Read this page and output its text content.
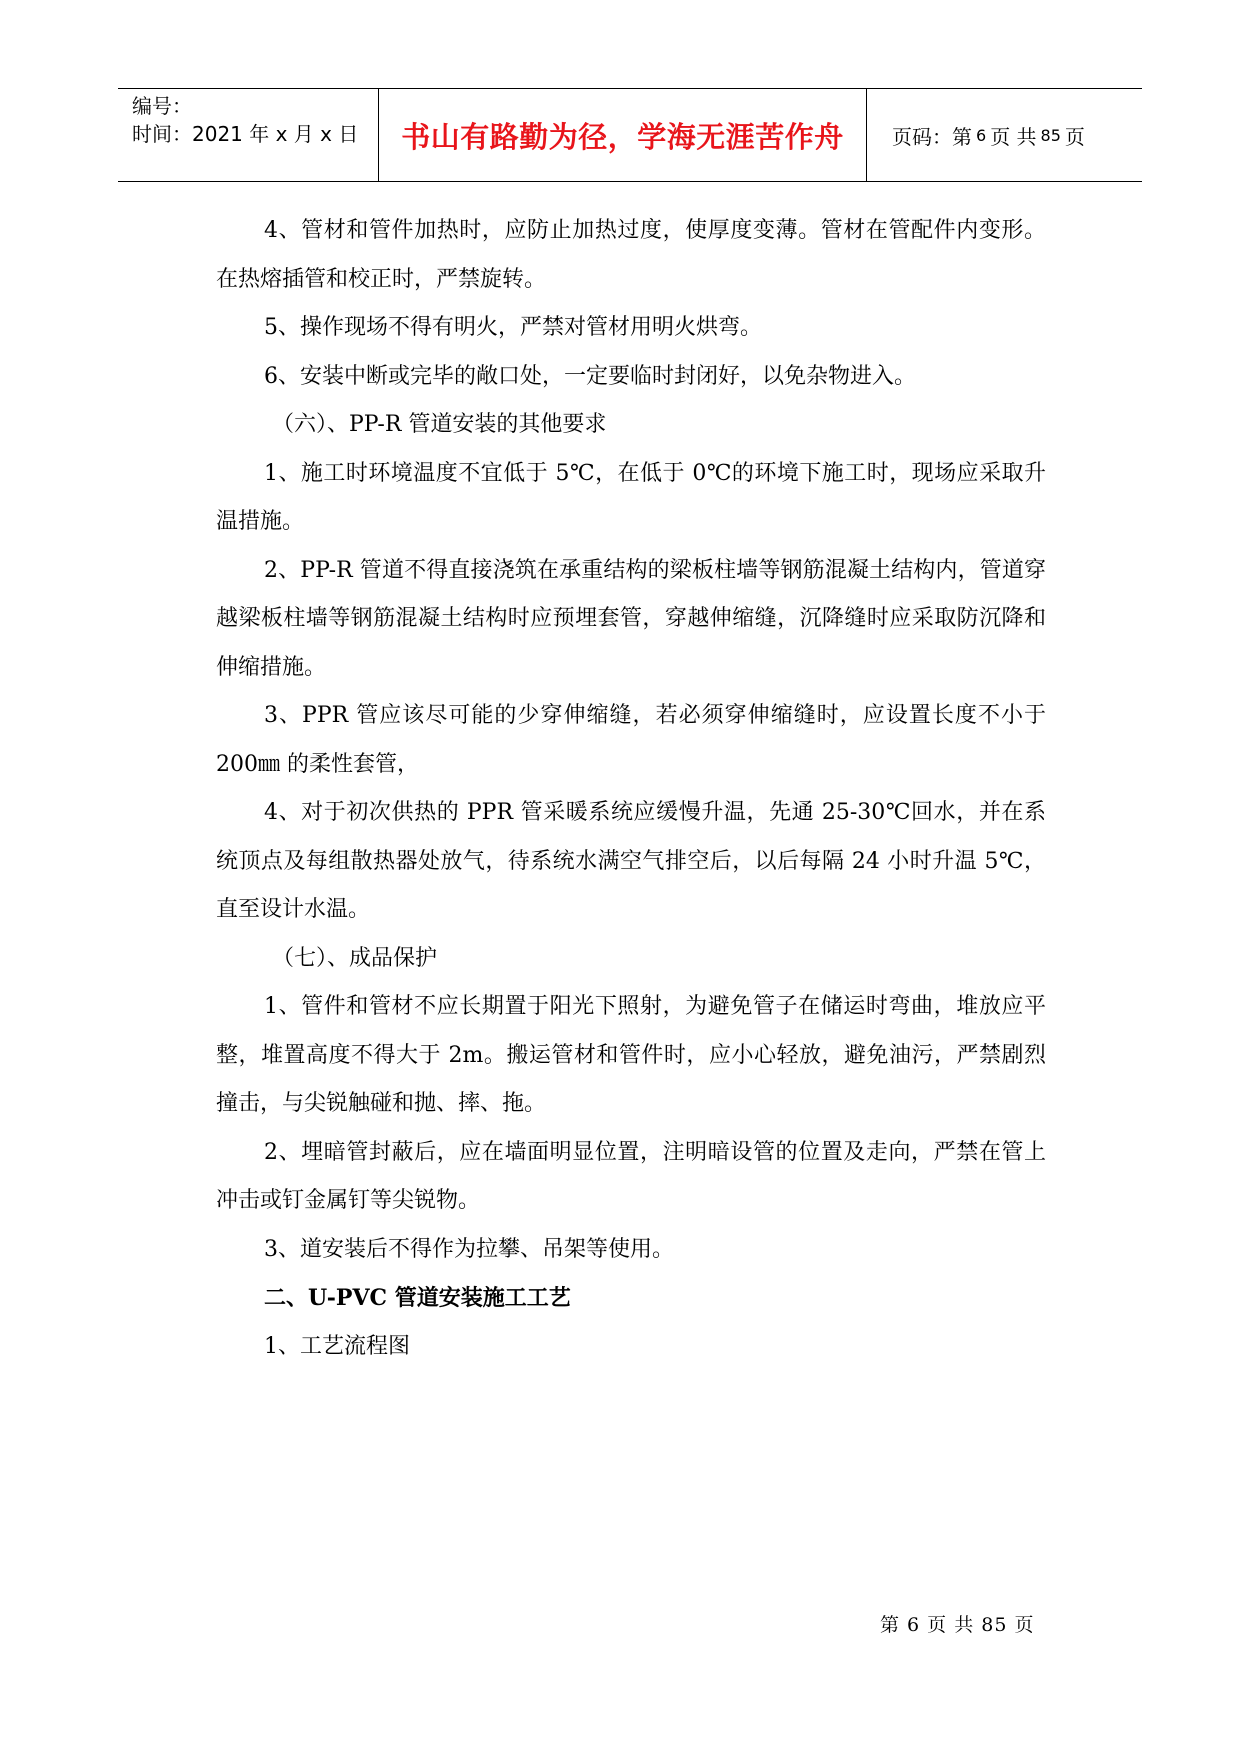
编号：
时间：2021 年 x 月 x 日	书山有路勤为径，学海无涯苦作舟	页码：第 6 页 共 85 页

4、管材和管件加热时，应防止加热过度，使厚度变薄。管材在管配件内变形。在热熔插管和校正时，严禁旋转。

5、操作现场不得有明火，严禁对管材用明火烘弯。

6、安装中断或完毕的敞口处，一定要临时封闭好，以免杂物进入。

（六）、PP-R 管道安装的其他要求

1、施工时环境温度不宜低于 5℃，在低于 0℃的环境下施工时，现场应采取升温措施。

2、PP-R 管道不得直接浇筑在承重结构的梁板柱墙等钢筋混凝土结构内，管道穿越梁板柱墙等钢筋混凝土结构时应预埋套管，穿越伸缩缝，沉降缝时应采取防沉降和伸缩措施。

3、PPR 管应该尽可能的少穿伸缩缝，若必须穿伸缩缝时，应设置长度不小于 200㎜ 的柔性套管，

4、对于初次供热的 PPR 管采暖系统应缓慢升温，先通 25-30℃回水，并在系统顶点及每组散热器处放气，待系统水满空气排空后，以后每隔 24 小时升温 5℃，直至设计水温。

（七）、成品保护

1、管件和管材不应长期置于阳光下照射，为避免管子在储运时弯曲，堆放应平整，堆置高度不得大于 2m。搬运管材和管件时，应小心轻放，避免油污，严禁剧烈撞击，与尖锐触碰和抛、摔、拖。

2、埋暗管封蔽后，应在墙面明显位置，注明暗设管的位置及走向，严禁在管上冲击或钉金属钉等尖锐物。

3、道安装后不得作为拉攀、吊架等使用。

二、U-PVC 管道安装施工工艺

1、工艺流程图

第 6 页 共 85 页
